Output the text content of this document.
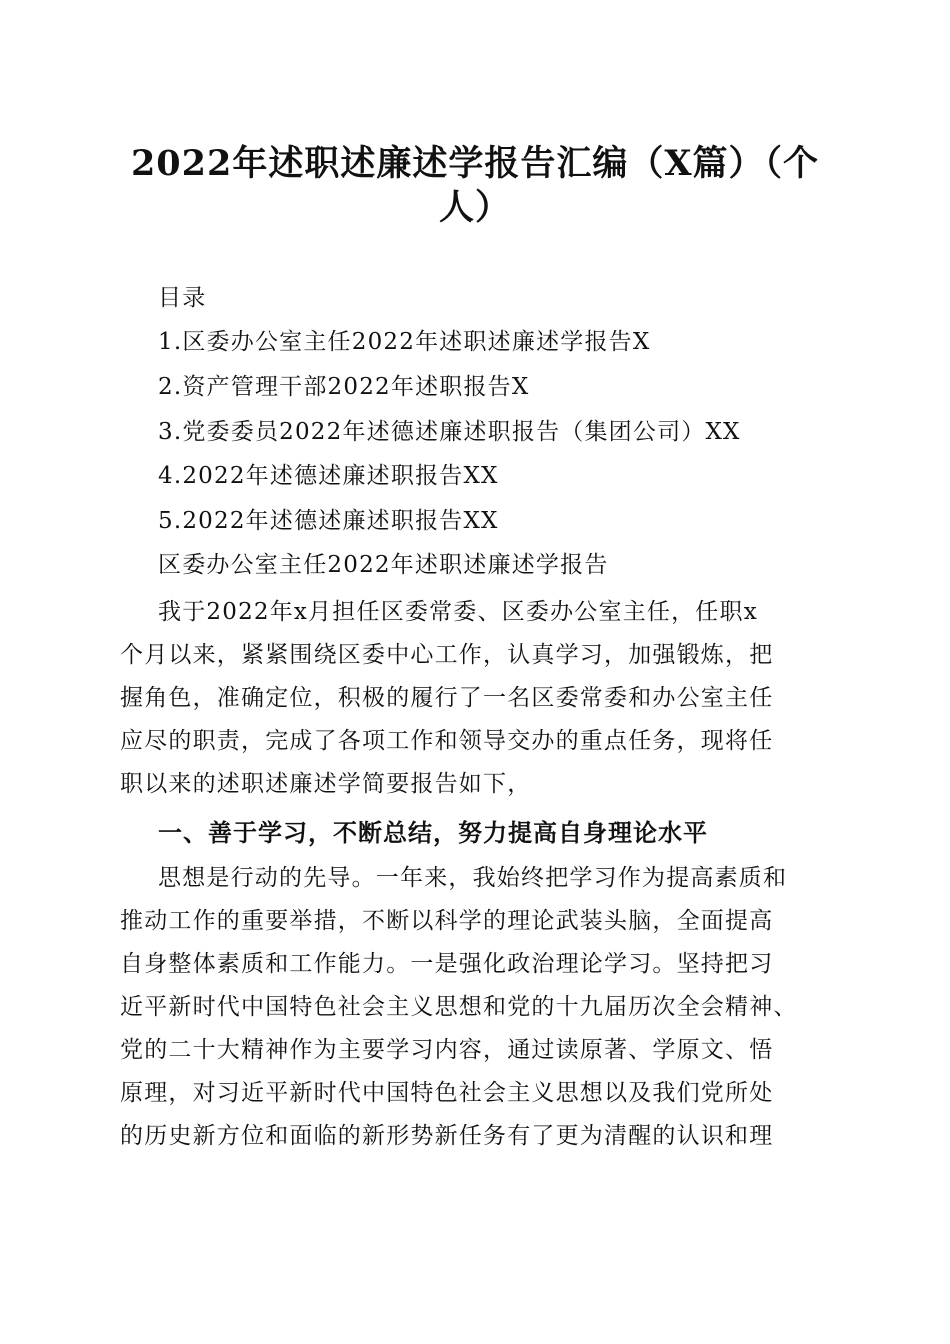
2022年述职述廉述学报告汇编（X篇）（个
人）
目录
1.区委办公室主任2022年述职述廉述学报告X
2.资产管理干部2022年述职报告X
3.党委委员2022年述德述廉述职报告（集团公司）XX
4.2022年述德述廉述职报告XX
5.2022年述德述廉述职报告XX
区委办公室主任2022年述职述廉述学报告
我于2022年x月担任区委常委、区委办公室主任，任职x
个月以来，紧紧围绕区委中心工作，认真学习，加强锻炼，把
握角色，准确定位，积极的履行了一名区委常委和办公室主任
应尽的职责，完成了各项工作和领导交办的重点任务，现将任
职以来的述职述廉述学简要报告如下，
一、善于学习，不断总结，努力提高自身理论水平
思想是行动的先导。一年来，我始终把学习作为提高素质和
推动工作的重要举措，不断以科学的理论武装头脑，全面提高
自身整体素质和工作能力。一是强化政治理论学习。坚持把习
近平新时代中国特色社会主义思想和党的十九届历次全会精神、
党的二十大精神作为主要学习内容，通过读原著、学原文、悟
原理，对习近平新时代中国特色社会主义思想以及我们党所处
的历史新方位和面临的新形势新任务有了更为清醒的认识和理
